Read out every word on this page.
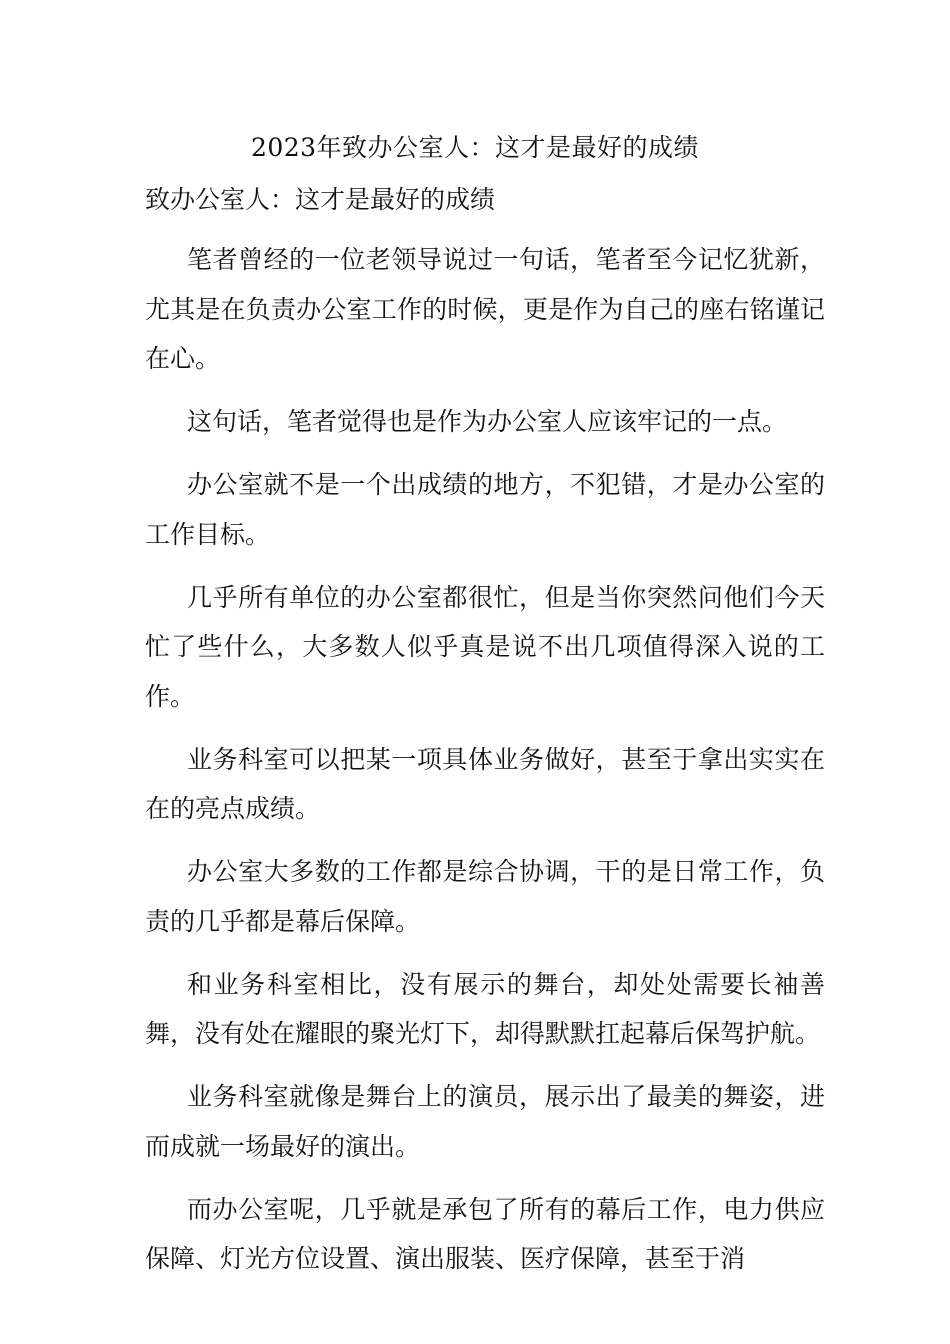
2023年致办公室人：这才是最好的成绩

致办公室人：这才是最好的成绩

笔者曾经的一位老领导说过一句话，笔者至今记忆犹新，尤其是在负责办公室工作的时候，更是作为自己的座右铭谨记在心。

这句话，笔者觉得也是作为办公室人应该牢记的一点。

办公室就不是一个出成绩的地方，不犯错，才是办公室的工作目标。

几乎所有单位的办公室都很忙，但是当你突然问他们今天忙了些什么，大多数人似乎真是说不出几项值得深入说的工作。

业务科室可以把某一项具体业务做好，甚至于拿出实实在在的亮点成绩。

办公室大多数的工作都是综合协调，干的是日常工作，负责的几乎都是幕后保障。

和业务科室相比，没有展示的舞台，却处处需要长袖善舞，没有处在耀眼的聚光灯下，却得默默扛起幕后保驾护航。

业务科室就像是舞台上的演员，展示出了最美的舞姿，进而成就一场最好的演出。

而办公室呢，几乎就是承包了所有的幕后工作，电力供应保障、灯光方位设置、演出服装、医疗保障，甚至于消
